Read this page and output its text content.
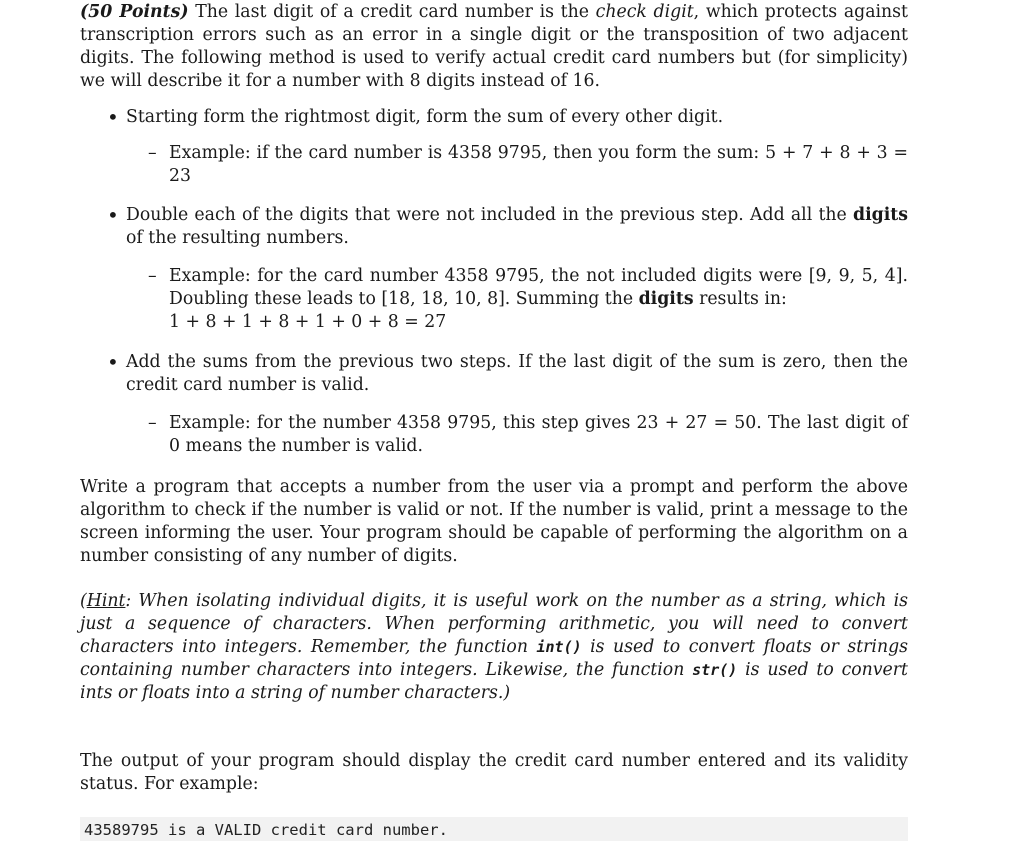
(50 Points) The last digit of a credit card number is the check digit, which protects against transcription errors such as an error in a single digit or the transposition of two adjacent digits. The following method is used to verify actual credit card numbers but (for simplicity) we will describe it for a number with 8 digits instead of 16.

• Starting form the rightmost digit, form the sum of every other digit.
– Example: if the card number is 4358 9795, then you form the sum: 5 + 7 + 8 + 3 = 23
• Double each of the digits that were not included in the previous step. Add all the digits of the resulting numbers.
– Example: for the card number 4358 9795, the not included digits were [9, 9, 5, 4]. Doubling these leads to [18, 18, 10, 8]. Summing the digits results in:
1 + 8 + 1 + 8 + 1 + 0 + 8 = 27
• Add the sums from the previous two steps. If the last digit of the sum is zero, then the credit card number is valid.
– Example: for the number 4358 9795, this step gives 23 + 27 = 50. The last digit of 0 means the number is valid.

Write a program that accepts a number from the user via a prompt and perform the above algorithm to check if the number is valid or not. If the number is valid, print a message to the screen informing the user. Your program should be capable of performing the algorithm on a number consisting of any number of digits.

(Hint: When isolating individual digits, it is useful work on the number as a string, which is just a sequence of characters. When performing arithmetic, you will need to convert characters into integers. Remember, the function int() is used to convert floats or strings containing number characters into integers. Likewise, the function str() is used to convert ints or floats into a string of number characters.)

The output of your program should display the credit card number entered and its validity status. For example:

43589795 is a VALID credit card number.
